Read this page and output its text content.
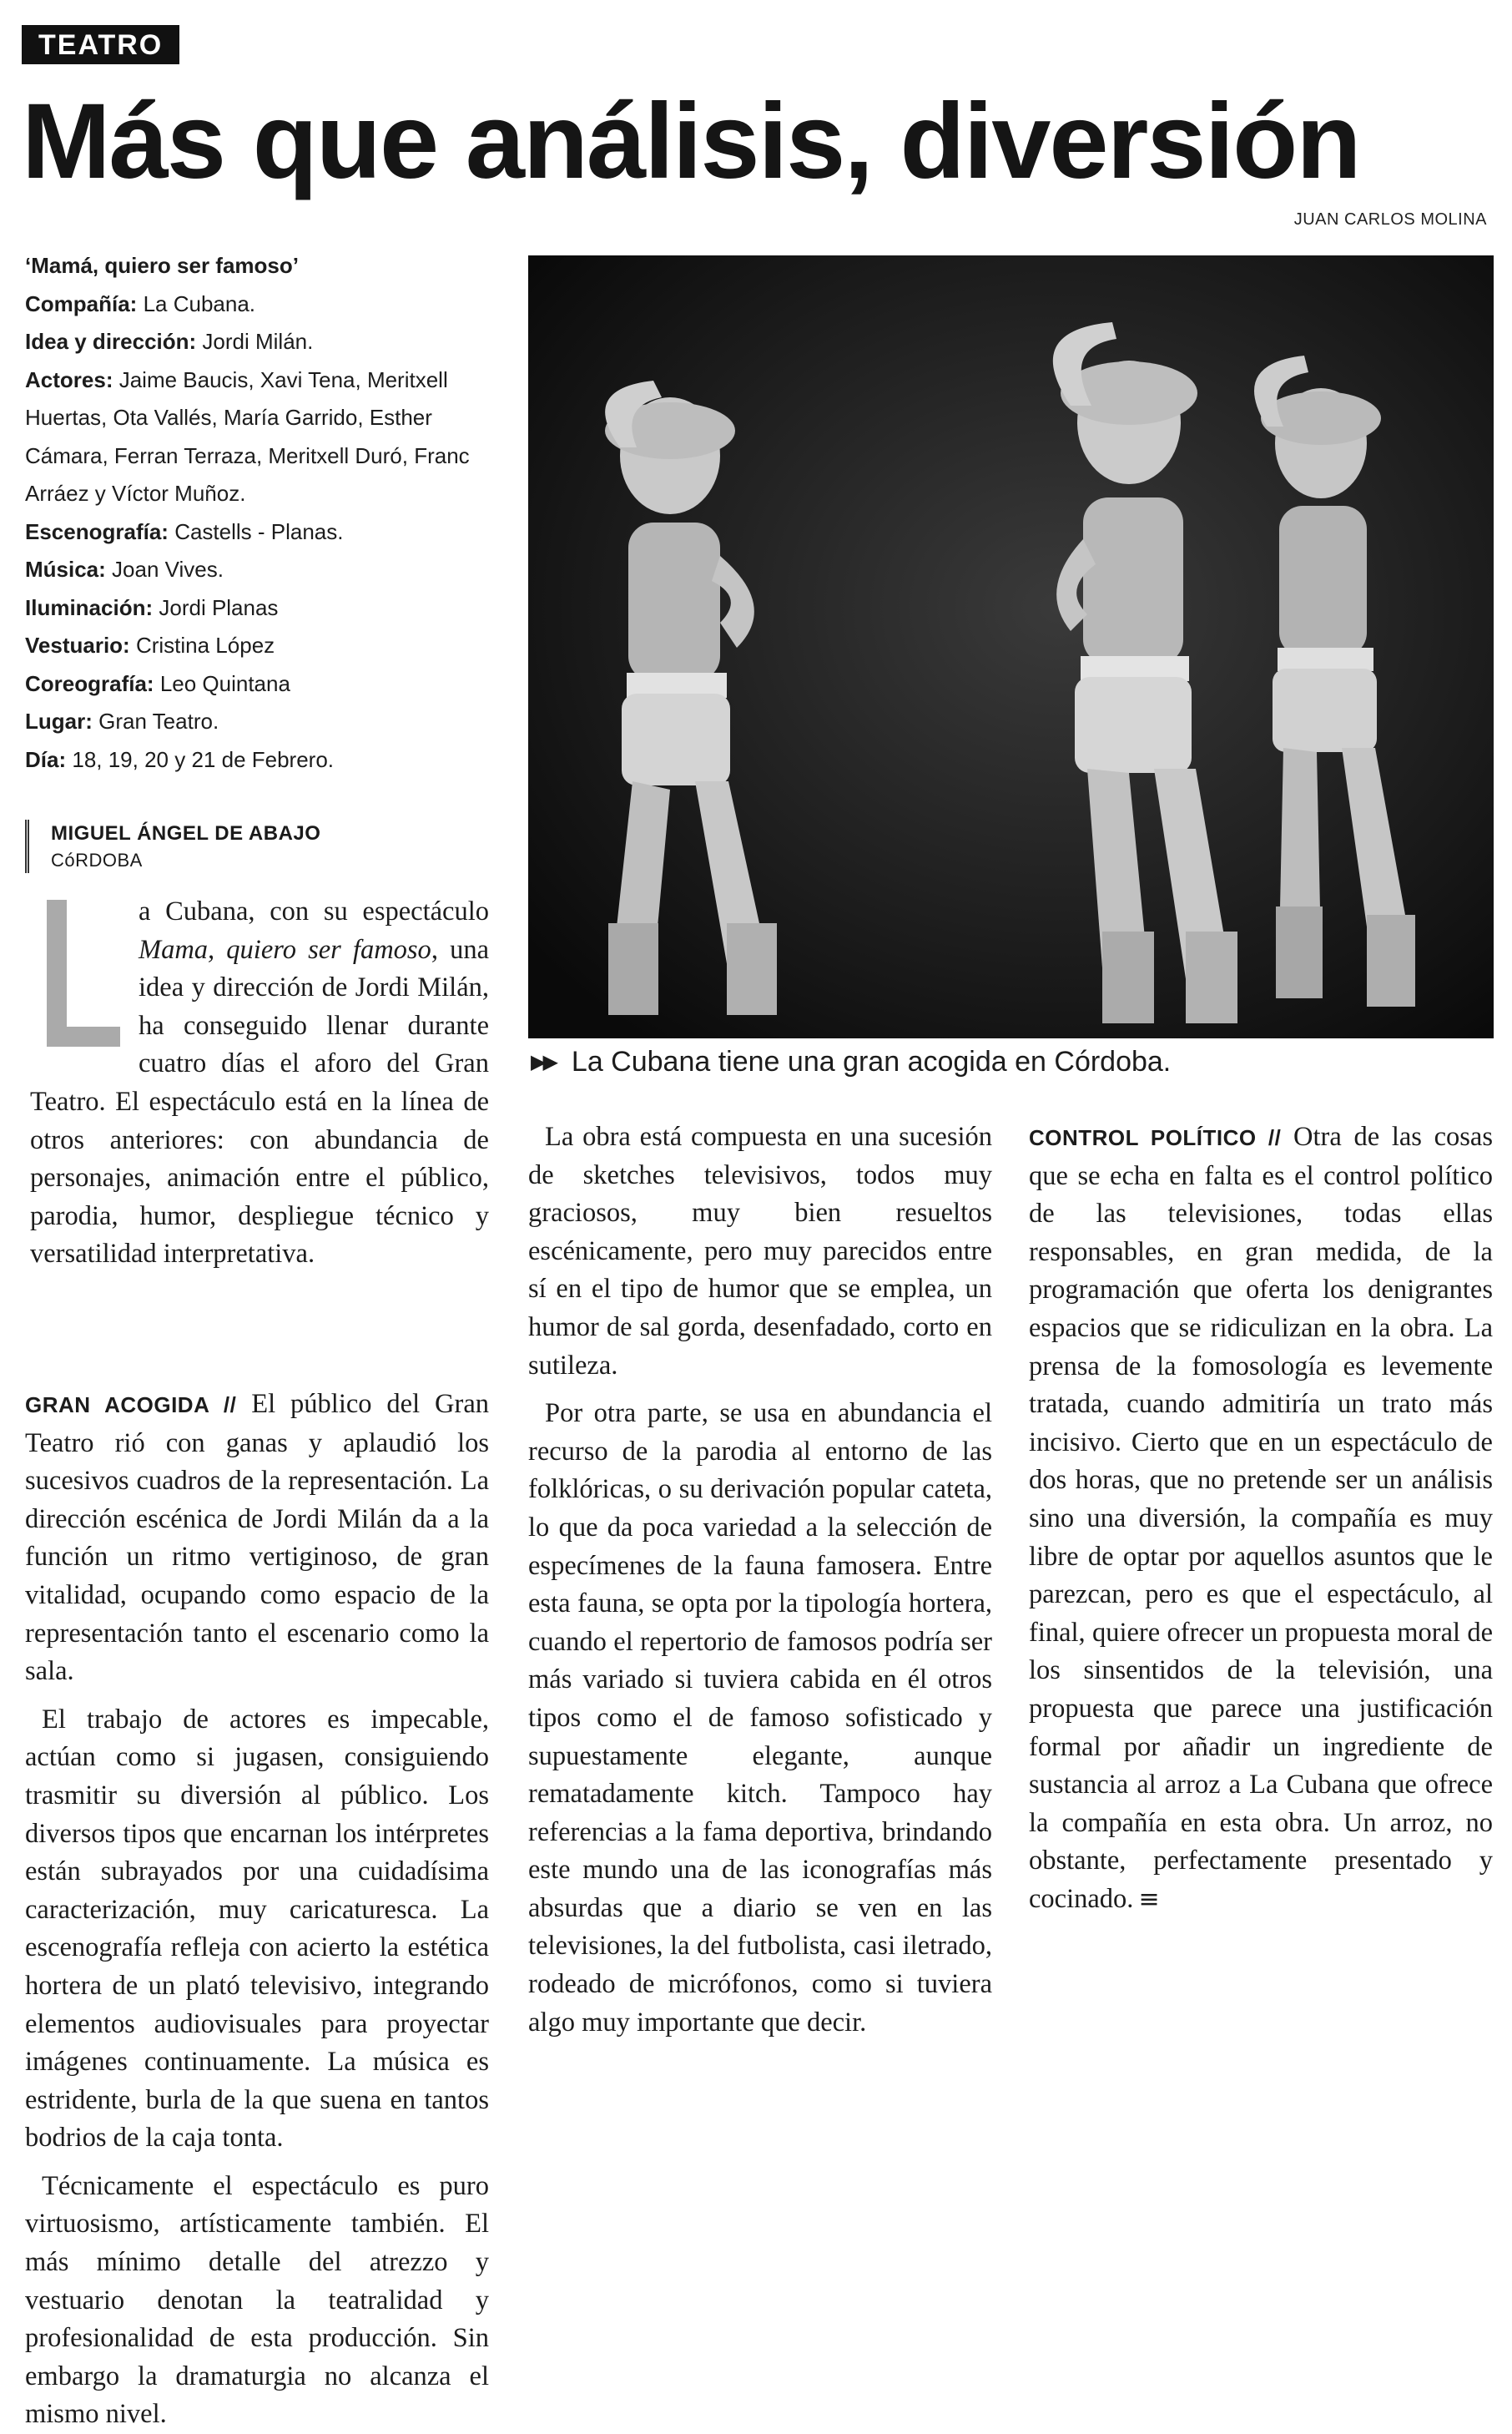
TEATRO
Más que análisis, diversión
JUAN CARLOS MOLINA
‘Mamá, quiero ser famoso’
Compañía: La Cubana.
Idea y dirección: Jordi Milán.
Actores: Jaime Baucis, Xavi Tena, Meritxell Huertas, Ota Vallés, María Garrido, Esther Cámara, Ferran Terraza, Meritxell Duró, Franc Arráez y Víctor Muñoz.
Escenografía: Castells - Planas.
Música: Joan Vives.
Iluminación: Jordi Planas
Vestuario: Cristina López
Coreografía: Leo Quintana
Lugar: Gran Teatro.
Día: 18, 19, 20 y 21 de Febrero.
MIGUEL ÁNGEL DE ABAJO
CóRDOBA
▶▶ La Cubana tiene una gran acogida en Córdoba.

a Cubana, con su espectáculo Mama, quiero ser famoso, una idea y dirección de Jordi Milán, ha conseguido llenar durante cuatro días el aforo del Gran Teatro. El espectáculo está en la línea de otros anteriores: con abundancia de personajes, animación entre el público, parodia, humor, despliegue técnico y versatilidad interpretativa.

GRAN ACOGIDA // El público del Gran Teatro rió con ganas y aplaudió los sucesivos cuadros de la representación. La dirección escénica de Jordi Milán da a la función un ritmo vertiginoso, de gran vitalidad, ocupando como espacio de la representación tanto el escenario como la sala.

El trabajo de actores es impecable, actúan como si jugasen, consiguiendo trasmitir su diversión al público. Los diversos tipos que encarnan los intérpretes están subrayados por una cuidadísima caracterización, muy caricaturesca. La escenografía refleja con acierto la estética hortera de un plató televisivo, integrando elementos audiovisuales para proyectar imágenes continuamente. La música es estridente, burla de la que suena en tantos bodrios de la caja tonta.

Técnicamente el espectáculo es puro virtuosismo, artísticamente también. El más mínimo detalle del atrezzo y vestuario denotan la teatralidad y profesionalidad de esta producción. Sin embargo la dramaturgia no alcanza el mismo nivel.

La obra está compuesta en una sucesión de sketches televisivos, todos muy graciosos, muy bien resueltos escénicamente, pero muy parecidos entre sí en el tipo de humor que se emplea, un humor de sal gorda, desenfadado, corto en sutileza.

Por otra parte, se usa en abundancia el recurso de la parodia al entorno de las folklóricas, o su derivación popular cateta, lo que da poca variedad a la selección de especímenes de la fauna famosera. Entre esta fauna, se opta por la tipología hortera, cuando el repertorio de famosos podría ser más variado si tuviera cabida en él otros tipos como el de famoso sofisticado y supuestamente elegante, aunque rematadamente kitch. Tampoco hay referencias a la fama deportiva, brindando este mundo una de las iconografías más absurdas que a diario se ven en las televisiones, la del futbolista, casi iletrado, rodeado de micrófonos, como si tuviera algo muy importante que decir.

CONTROL POLÍTICO // Otra de las cosas que se echa en falta es el control político de las televisiones, todas ellas responsables, en gran medida, de la programación que oferta los denigrantes espacios que se ridiculizan en la obra. La prensa de la fomosología es levemente tratada, cuando admitiría un trato más incisivo. Cierto que en un espectáculo de dos horas, que no pretende ser un análisis sino una diversión, la compañía es muy libre de optar por aquellos asuntos que le parezcan, pero es que el espectáculo, al final, quiere ofrecer un propuesta moral de los sinsentidos de la televisión, una propuesta que parece una justificación formal por añadir un ingrediente de sustancia al arroz a La Cubana que ofrece la compañía en esta obra. Un arroz, no obstante, perfectamente presentado y cocinado. ≡
